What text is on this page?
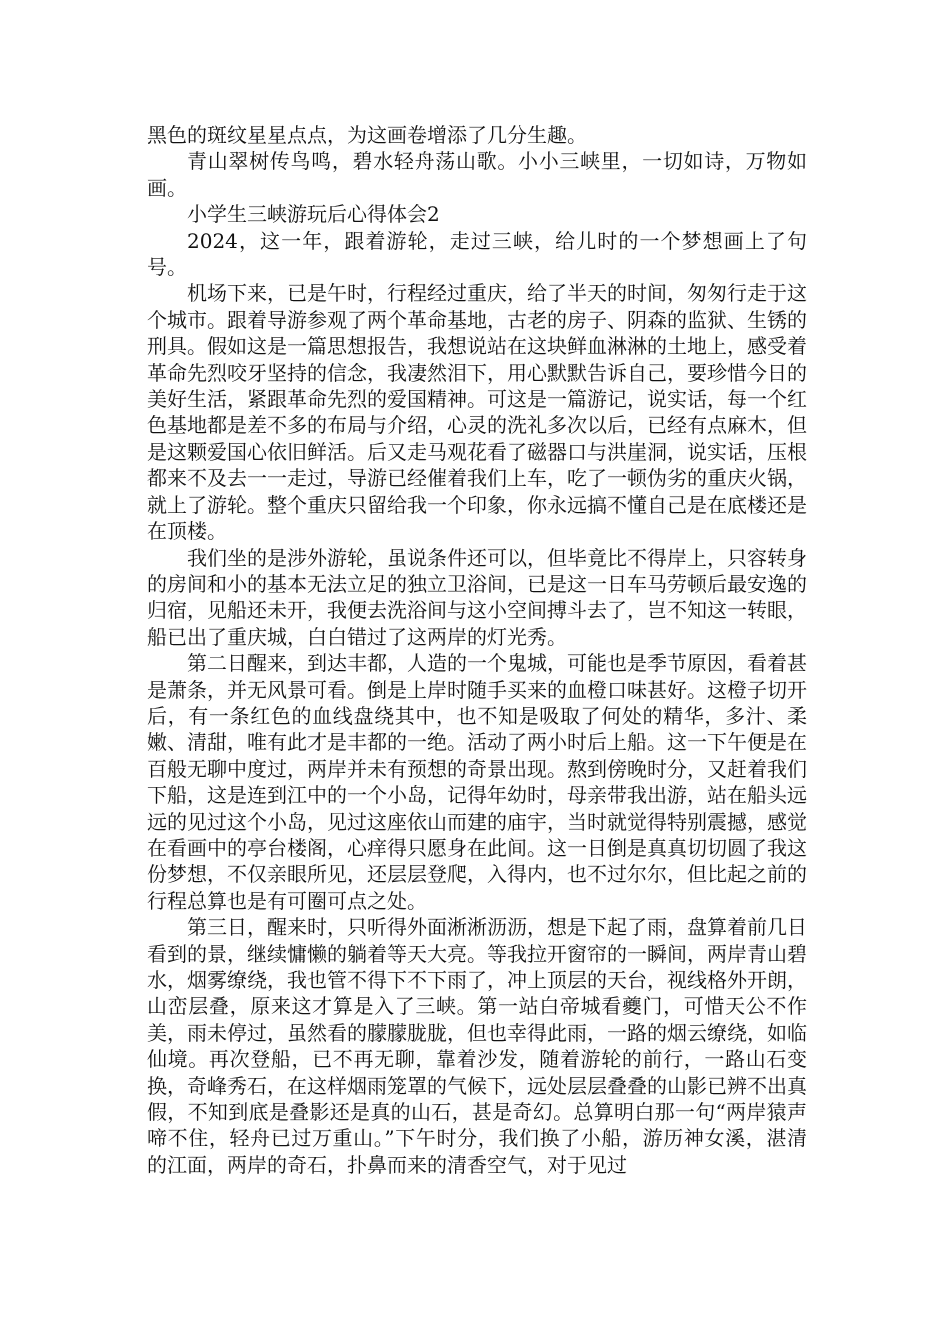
黑色的斑纹星星点点，为这画卷增添了几分生趣。

青山翠树传鸟鸣，碧水轻舟荡山歌。小小三峡里，一切如诗，万物如画。

小学生三峡游玩后心得体会2

2024，这一年，跟着游轮，走过三峡，给儿时的一个梦想画上了句号。

机场下来，已是午时，行程经过重庆，给了半天的时间，匆匆行走于这个城市。跟着导游参观了两个革命基地，古老的房子、阴森的监狱、生锈的刑具。假如这是一篇思想报告，我想说站在这块鲜血淋淋的土地上，感受着革命先烈咬牙坚持的信念，我凄然泪下，用心默默告诉自己，要珍惜今日的美好生活，紧跟革命先烈的爱国精神。可这是一篇游记，说实话，每一个红色基地都是差不多的布局与介绍，心灵的洗礼多次以后，已经有点麻木，但是这颗爱国心依旧鲜活。后又走马观花看了磁器口与洪崖洞，说实话，压根都来不及去一一走过，导游已经催着我们上车，吃了一顿伪劣的重庆火锅，就上了游轮。整个重庆只留给我一个印象，你永远搞不懂自己是在底楼还是在顶楼。

我们坐的是涉外游轮，虽说条件还可以，但毕竟比不得岸上，只容转身的房间和小的基本无法立足的独立卫浴间，已是这一日车马劳顿后最安逸的归宿，见船还未开，我便去洗浴间与这小空间搏斗去了，岂不知这一转眼，船已出了重庆城，白白错过了这两岸的灯光秀。

第二日醒来，到达丰都，人造的一个鬼城，可能也是季节原因，看着甚是萧条，并无风景可看。倒是上岸时随手买来的血橙口味甚好。这橙子切开后，有一条红色的血线盘绕其中，也不知是吸取了何处的精华，多汁、柔嫩、清甜，唯有此才是丰都的一绝。活动了两小时后上船。这一下午便是在百般无聊中度过，两岸并未有预想的奇景出现。熬到傍晚时分，又赶着我们下船，这是连到江中的一个小岛，记得年幼时，母亲带我出游，站在船头远远的见过这个小岛，见过这座依山而建的庙宇，当时就觉得特别震撼，感觉在看画中的亭台楼阁，心痒得只愿身在此间。这一日倒是真真切切圆了我这份梦想，不仅亲眼所见，还层层登爬，入得内，也不过尔尔，但比起之前的行程总算也是有可圈可点之处。

第三日，醒来时，只听得外面淅淅沥沥，想是下起了雨，盘算着前几日看到的景，继续慵懒的躺着等天大亮。等我拉开窗帘的一瞬间，两岸青山碧水，烟雾缭绕，我也管不得下不下雨了，冲上顶层的天台，视线格外开朗，山峦层叠，原来这才算是入了三峡。第一站白帝城看夔门，可惜天公不作美，雨未停过，虽然看的朦朦胧胧，但也幸得此雨，一路的烟云缭绕，如临仙境。再次登船，已不再无聊，靠着沙发，随着游轮的前行，一路山石变换，奇峰秀石，在这样烟雨笼罩的气候下，远处层层叠叠的山影已辨不出真假，不知到底是叠影还是真的山石，甚是奇幻。总算明白那一句“两岸猿声啼不住，轻舟已过万重山。”下午时分，我们换了小船，游历神女溪，湛清的江面，两岸的奇石，扑鼻而来的清香空气，对于见过
